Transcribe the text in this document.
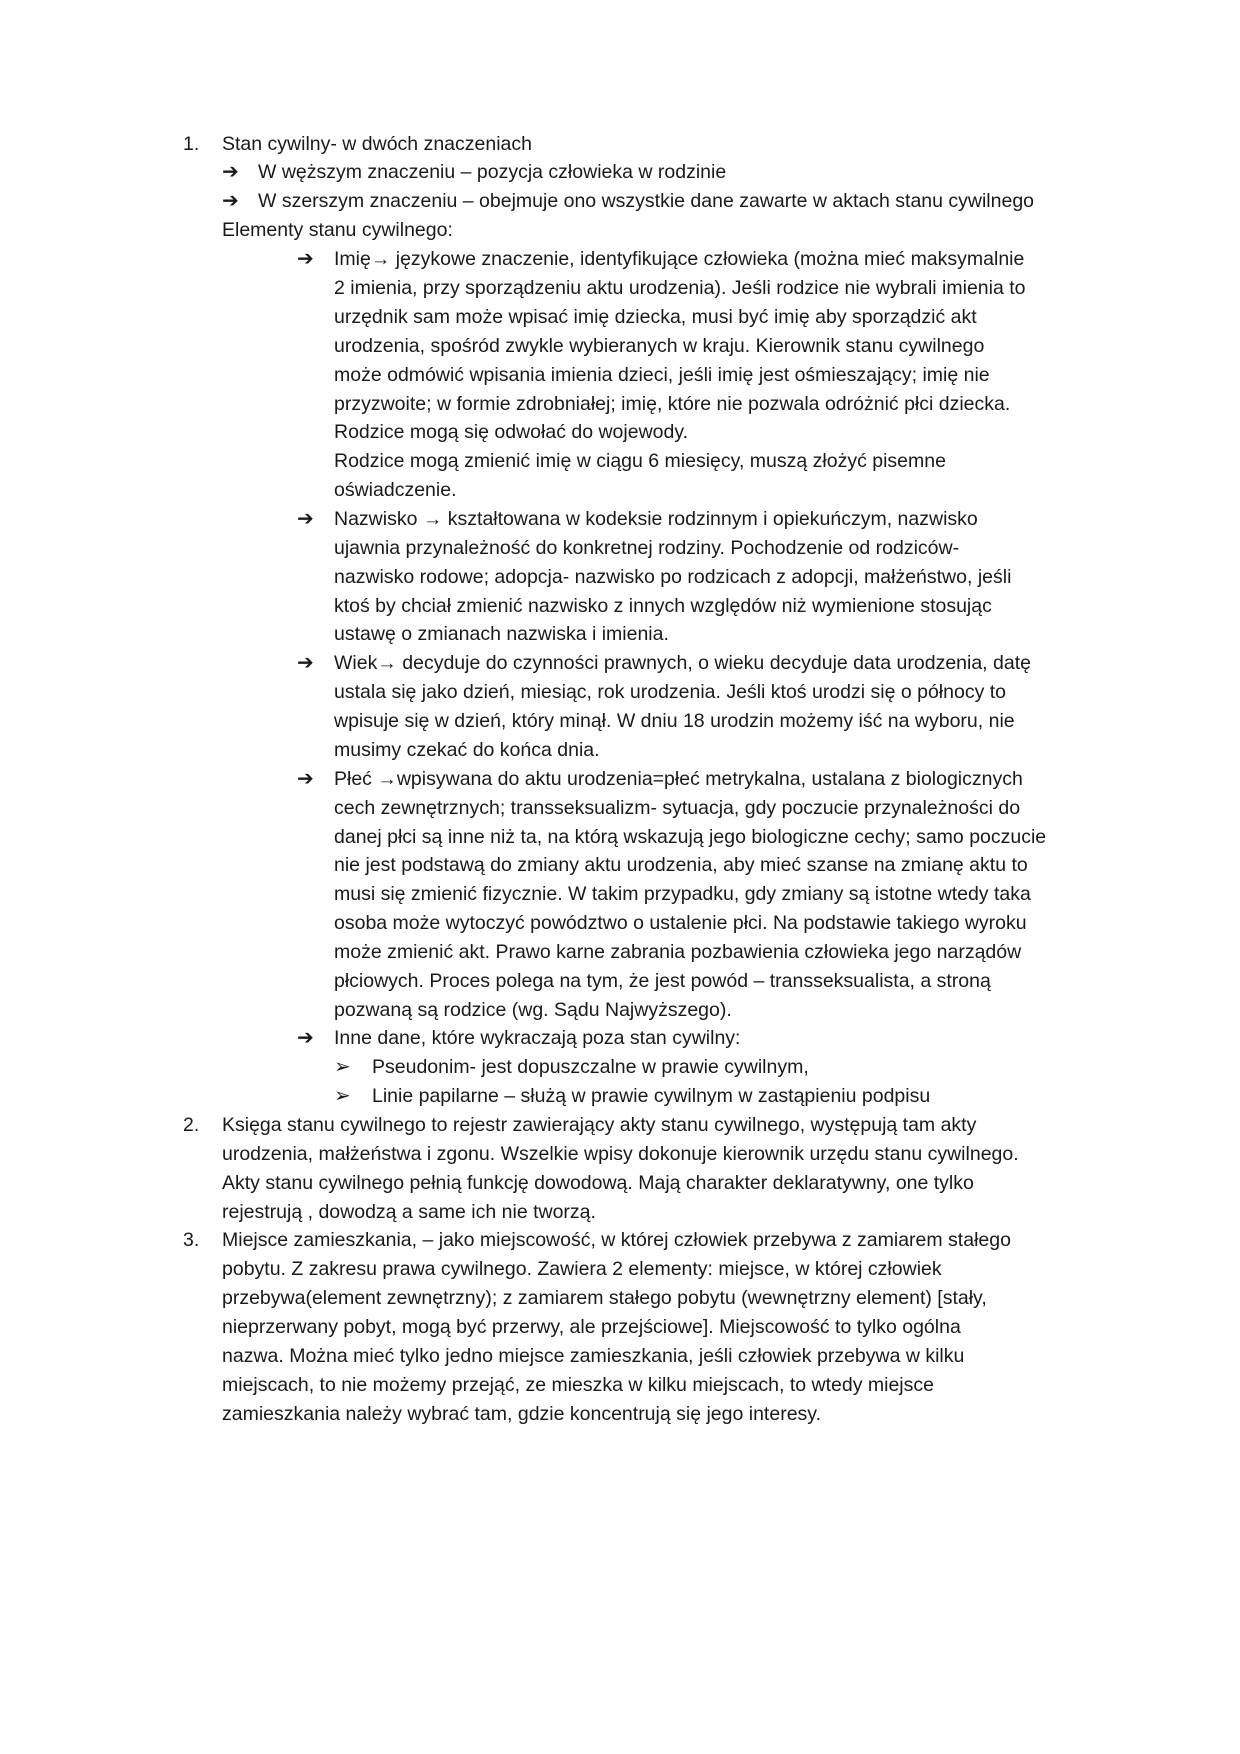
1. Stan cywilny- w dwóch znaczeniach
➔ W węższym znaczeniu – pozycja człowieka w rodzinie
➔ W szerszym znaczeniu – obejmuje ono wszystkie dane zawarte w aktach stanu cywilnego
Elementy stanu cywilnego:
➔ Imię→ językowe znaczenie, identyfikujące człowieka (można mieć maksymalnie
2 imienia, przy sporządzeniu aktu urodzenia). Jeśli rodzice nie wybrali imienia to
urzędnik sam może wpisać imię dziecka, musi być imię aby sporządzić akt
urodzenia, spośród zwykle wybieranych w kraju. Kierownik stanu cywilnego
może odmówić wpisania imienia dzieci, jeśli imię jest ośmieszający; imię nie
przyzwoite; w formie zdrobniałej; imię, które nie pozwala odróżnić płci dziecka.
Rodzice mogą się odwołać do wojewody.
Rodzice mogą zmienić imię w ciągu 6 miesięcy, muszą złożyć pisemne
oświadczenie.
➔ Nazwisko → kształtowana w kodeksie rodzinnym i opiekuńczym, nazwisko
ujawnia przynależność do konkretnej rodziny. Pochodzenie od rodziców-
nazwisko rodowe; adopcja- nazwisko po rodzicach z adopcji, małżeństwo, jeśli
ktoś by chciał zmienić nazwisko z innych względów niż wymienione stosując
ustawę o zmianach nazwiska i imienia.
➔ Wiek→ decyduje do czynności prawnych, o wieku decyduje data urodzenia, datę
ustala się jako dzień, miesiąc, rok urodzenia. Jeśli ktoś urodzi się o północy to
wpisuje się w dzień, który minął. W dniu 18 urodzin możemy iść na wyboru, nie
musimy czekać do końca dnia.
➔ Płeć →wpisywana do aktu urodzenia=płeć metrykalna, ustalana z biologicznych
cech zewnętrznych; transseksualizm- sytuacja, gdy poczucie przynależności do
danej płci są inne niż ta, na którą wskazują jego biologiczne cechy; samo poczucie
nie jest podstawą do zmiany aktu urodzenia, aby mieć szanse na zmianę aktu to
musi się zmienić fizycznie. W takim przypadku, gdy zmiany są istotne wtedy taka
osoba może wytoczyć powództwo o ustalenie płci. Na podstawie takiego wyroku
może zmienić akt. Prawo karne zabrania pozbawienia człowieka jego narządów
płciowych. Proces polega na tym, że jest powód – transseksualista, a stroną
pozwaną są rodzice (wg. Sądu Najwyższego).
➔ Inne dane, które wykraczają poza stan cywilny:
➢ Pseudonim- jest dopuszczalne w prawie cywilnym,
➢ Linie papilarne – służą w prawie cywilnym w zastąpieniu podpisu
2. Księga stanu cywilnego to rejestr zawierający akty stanu cywilnego, występują tam akty
urodzenia, małżeństwa i zgonu. Wszelkie wpisy dokonuje kierownik urzędu stanu cywilnego.
Akty stanu cywilnego pełnią funkcję dowodową. Mają charakter deklaratywny, one tylko
rejestrują , dowodzą a same ich nie tworzą.
3. Miejsce zamieszkania, – jako miejscowość, w której człowiek przebywa z zamiarem stałego
pobytu. Z zakresu prawa cywilnego. Zawiera 2 elementy: miejsce, w której człowiek
przebywa(element zewnętrzny); z zamiarem stałego pobytu (wewnętrzny element) [stały,
nieprzerwany pobyt, mogą być przerwy, ale przejściowe]. Miejscowość to tylko ogólna
nazwa. Można mieć tylko jedno miejsce zamieszkania, jeśli człowiek przebywa w kilku
miejscach, to nie możemy przejąć, ze mieszka w kilku miejscach, to wtedy miejsce
zamieszkania należy wybrać tam, gdzie koncentrują się jego interesy.
